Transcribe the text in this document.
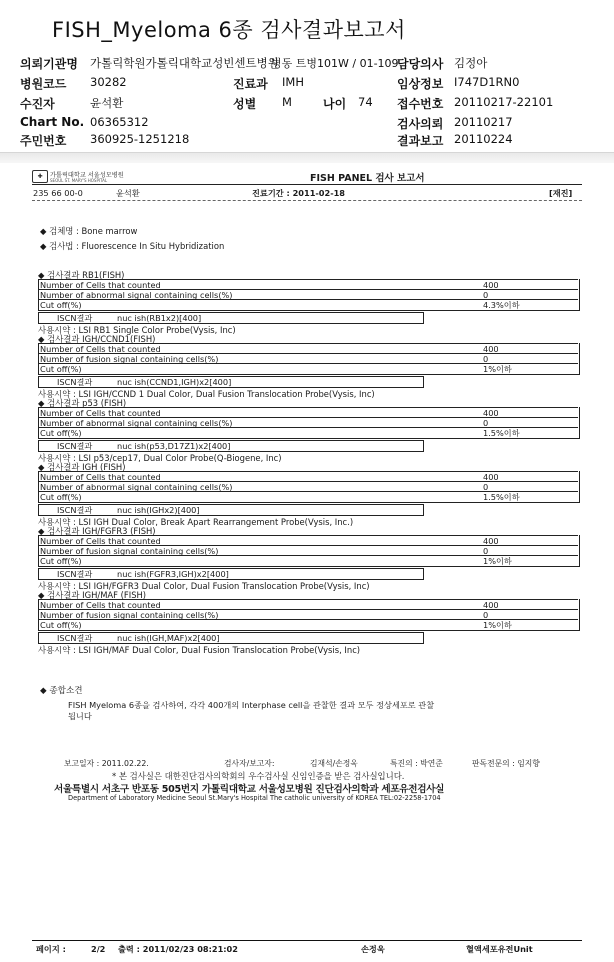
FISH_Myeloma 6종 검사결과보고서
의뢰기관명 가톨릭학원가톨릭대학교성빈센트병원
병동 트병101W / 01-109
담당의사 김정아
병원코드 30282	진료과 IMH	임상정보 I747D1RN0
수진자	윤석환	성별 M	나이 74 접수번호 20110217-22101
Chart No. 06365312	검사의뢰 20110217
주민번호 360925-1251218	결과보고 20110224
✚	가톨릭대학교 서울성모병원
SEOUL ST. MARY'S HOSPITAL	FISH PANEL 검사 보고서
235 66 00-0	윤석환	진료기간 : 2011-02-18	[재진]
◆ 검체명 : Bone marrow
◆ 검사법 : Fluorescence In Situ Hybridization
◆ 검사결과 RB1(FISH)
Number of Cells that counted	400
Number of abnormal signal containing cells(%)	0
Cut off(%)	4.3%이하
ISCN결과	nuc ish(RB1x2)[400]
사용시약 : LSI RB1 Single Color Probe(Vysis, Inc)
◆ 검사결과 IGH/CCND1(FISH)
Number of Cells that counted	400
Number of fusion signal containing cells(%)	0
Cut off(%)	1%이하
ISCN결과	nuc ish(CCND1,IGH)x2[400]
사용시약 : LSI IGH/CCND 1 Dual Color, Dual Fusion Translocation Probe(Vysis, Inc)
◆ 검사결과 p53 (FISH)
Number of Cells that counted	400
Number of abnormal signal containing cells(%)	0
Cut off(%)	1.5%이하
ISCN결과	nuc ish(p53,D17Z1)x2[400]
사용시약 : LSI p53/cep17, Dual Color Probe(Q-Biogene, Inc)
◆ 검사결과 IGH (FISH)
Number of Cells that counted	400
Number of abnormal signal containing cells(%)	0
Cut off(%)	1.5%이하
ISCN결과	nuc ish(IGHx2)[400]
사용시약 : LSI IGH Dual Color, Break Apart Rearrangement Probe(Vysis, Inc.)
◆ 검사결과 IGH/FGFR3 (FISH)
Number of Cells that counted	400
Number of fusion signal containing cells(%)	0
Cut off(%)	1%이하
ISCN결과	nuc ish(FGFR3,IGH)x2[400]
사용시약 : LSI IGH/FGFR3 Dual Color, Dual Fusion Translocation Probe(Vysis, Inc)
◆ 검사결과 IGH/MAF (FISH)
Number of Cells that counted	400
Number of fusion signal containing cells(%)	0
Cut off(%)	1%이하
ISCN결과	nuc ish(IGH,MAF)x2[400]
사용시약 : LSI IGH/MAF Dual Color, Dual Fusion Translocation Probe(Vysis, Inc)
◆ 종합소견
FISH Myeloma 6종을 검사하여, 각각 400개의 Interphase cell을 관찰한 결과 모두 정상세포로 관찰
됩니다
보고일자 : 2011.02.22.	검사자/보고자:	김재석/손정욱	특진의 : 박연준	판독전문의 : 임지향
* 본 검사실은 대한진단검사의학회의 우수검사실 신임인증을 받은 검사실입니다.
서울특별시 서초구 반포동 505번지 가톨릭대학교 서울성모병원 진단검사의학과 세포유전검사실
Department of Laboratory Medicine Seoul St.Mary's Hospital The catholic university of KOREA TEL:02-2258-1704
페이지 :	2/2 출력 : 2011/02/23 08:21:02	손정욱	혈액세포유전Unit
